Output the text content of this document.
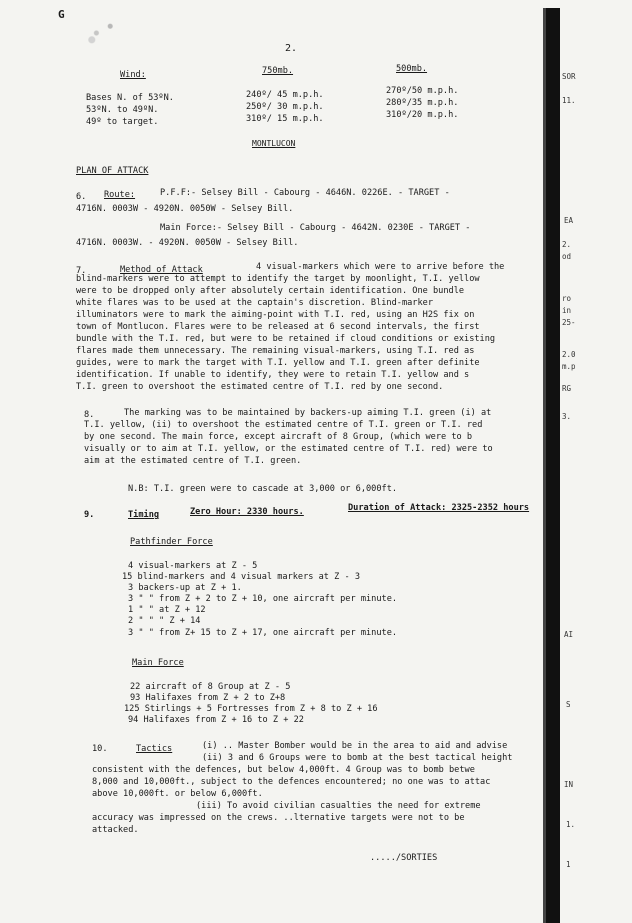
G
2.
Wind:	750mb.	500mb.
Bases N. of 53ºN.	240º/ 45 m.p.h.	270º/50 m.p.h.
53ºN. to 49ºN.	250º/ 30 m.p.h.	280º/35 m.p.h.
49º to target.	310º/ 15 m.p.h.	310º/20 m.p.h.
MONTLUCON
PLAN OF ATTACK
6. Route:	P.F.F:- Selsey Bill - Cabourg - 4646N. 0226E. - TARGET -
4716N. 0003W - 4920N. 0050W - Selsey Bill.
Main Force:- Selsey Bill - Cabourg - 4642N. 0230E - TARGET -
4716N. 0003W. - 4920N. 0050W - Selsey Bill.
7.	Method of Attack	4 visual-markers which were to arrive before the
blind-markers were to attempt to identify the target by moonlight, T.I. yellow
were to be dropped only after absolutely certain identification. One bundle
white flares was to be used at the captain's discretion. Blind-marker
illuminators were to mark the aiming-point with T.I. red, using an H2S fix on
town of Montlucon. Flares were to be released at 6 second intervals, the first
bundle with the T.I. red, but were to be retained if cloud conditions or existing
flares made them unnecessary. The remaining visual-markers, using T.I. red as
guides, were to mark the target with T.I. yellow and T.I. green after definite
identification. If unable to identify, they were to retain T.I. yellow and s
T.I. green to overshoot the estimated centre of T.I. red by one second.
8.	The marking was to be maintained by backers-up aiming T.I. green (i) at
T.I. yellow, (ii) to overshoot the estimated centre of T.I. green or T.I. red
by one second. The main force, except aircraft of 8 Group, (which were to b
visually or to aim at T.I. yellow, or the estimated centre of T.I. red) were to
aim at the estimated centre of T.I. green.
N.B: T.I. green were to cascade at 3,000 or 6,000ft.
9.	Timing	Zero Hour: 2330 hours.	Duration of Attack: 2325-2352 hours
Pathfinder Force
4 visual-markers at Z - 5
15 blind-markers and 4 visual markers at Z - 3
3 backers-up at Z + 1.
3 " " from Z + 2 to Z + 10, one aircraft per minute.
1 " " at Z + 12
2 " " " Z + 14
3 " " from Z+ 15 to Z + 17, one aircraft per minute.
Main Force
22 aircraft of 8 Group at Z - 5
93 Halifaxes from Z + 2 to Z+8
125 Stirlings + 5 Fortresses from Z + 8 to Z + 16
94 Halifaxes from Z + 16 to Z + 22
10.	Tactics	(i) .. Master Bomber would be in the area to aid and advise
(ii) 3 and 6 Groups were to bomb at the best tactical height
consistent with the defences, but below 4,000ft. 4 Group was to bomb betwe
8,000 and 10,000ft., subject to the defences encountered; no one was to attac
above 10,000ft. or below 6,000ft.
(iii) To avoid civilian casualties the need for extreme
accuracy was impressed on the crews. ..lternative targets were not to be
attacked.
...../SORTIES
SOR
11.
EA
2.
od
ro
in
25-
2.0
m.p
RG
3.
AI
S
IN
1.
1
